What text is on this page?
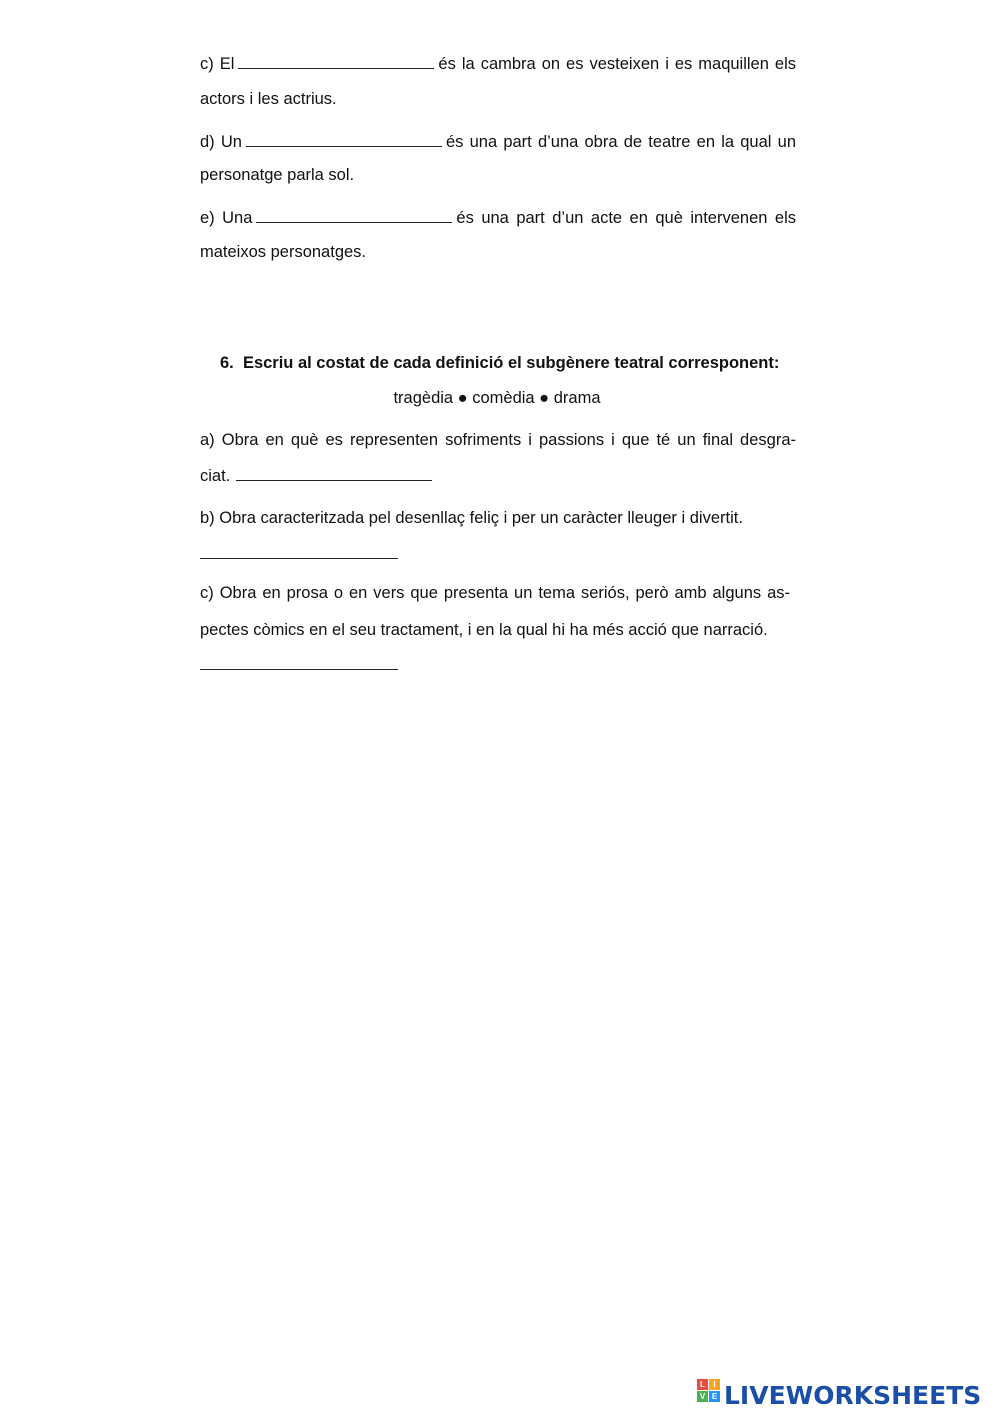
c) El	és la cambra on es vesteixen i es maquillen els
actors i les actrius.
d) Un	és una part d’una obra de teatre en la qual un
personatge parla sol.
e) Una	és una part d’un acte en què intervenen els
mateixos personatges.
6. Escriu al costat de cada definició el subgènere teatral corresponent:
tragèdia ● comèdia ● drama
a) Obra en què es representen sofriments i passions i que té un final desgra-
ciat.
b) Obra caracteritzada pel desenllaç feliç i per un caràcter lleuger i divertit.
c) Obra en prosa o en vers que presenta un tema seriós, però amb alguns as-
pectes còmics en el seu tractament, i en la qual hi ha més acció que narració.
L	I
V E LIVEWORKSHEETS
